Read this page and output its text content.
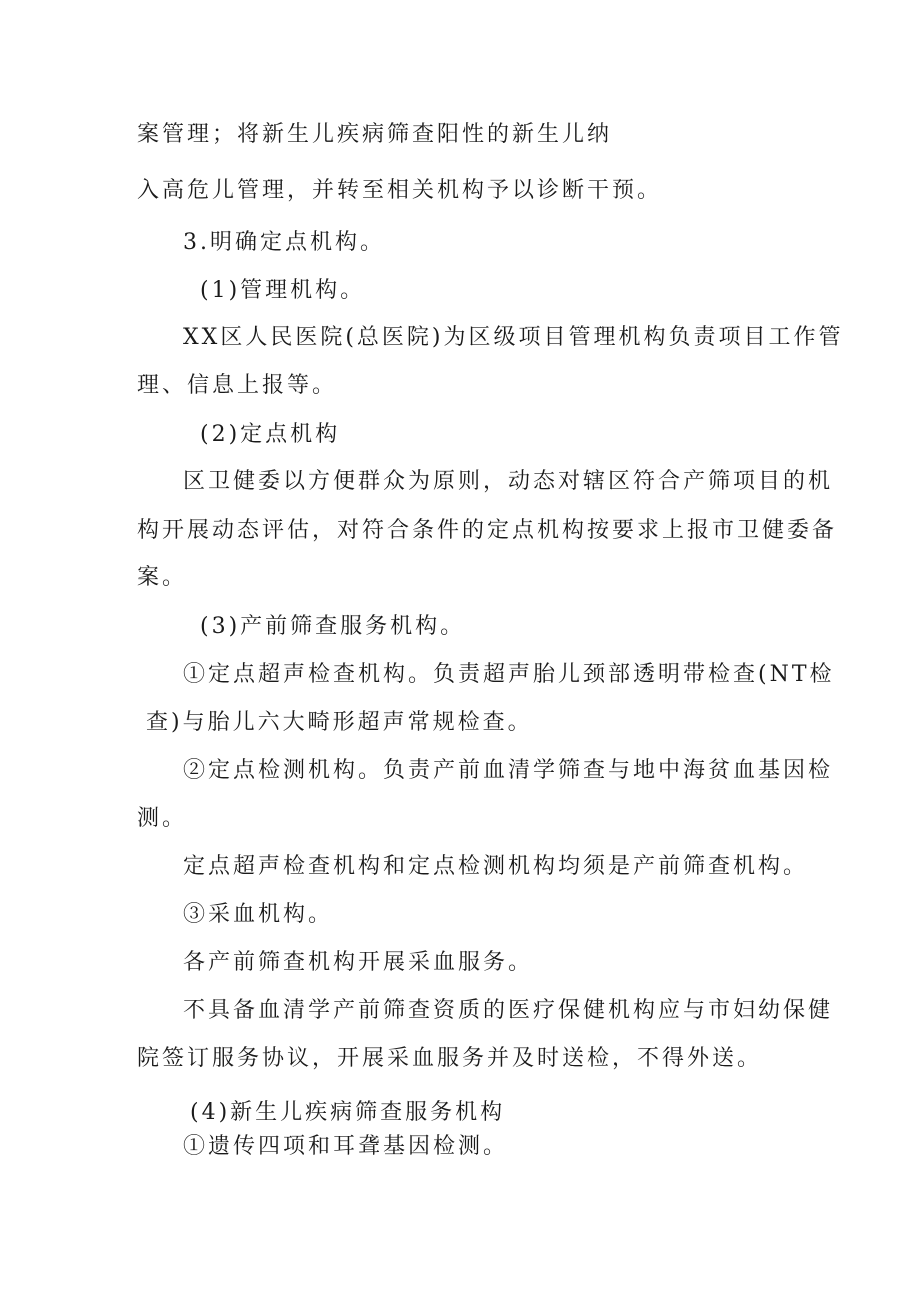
案管理；将新生儿疾病筛查阳性的新生儿纳
入高危儿管理，并转至相关机构予以诊断干预。
3.明确定点机构。
(1)管理机构。
XX区人民医院(总医院)为区级项目管理机构负责项目工作管
理、信息上报等。
(2)定点机构
区卫健委以方便群众为原则，动态对辖区符合产筛项目的机
构开展动态评估，对符合条件的定点机构按要求上报市卫健委备
案。
(3)产前筛查服务机构。
①定点超声检查机构。负责超声胎儿颈部透明带检查(NT检
查)与胎儿六大畸形超声常规检查。
②定点检测机构。负责产前血清学筛查与地中海贫血基因检
测。
定点超声检查机构和定点检测机构均须是产前筛查机构。
③采血机构。
各产前筛查机构开展采血服务。
不具备血清学产前筛查资质的医疗保健机构应与市妇幼保健
院签订服务协议，开展采血服务并及时送检，不得外送。
(4)新生儿疾病筛查服务机构
①遗传四项和耳聋基因检测。
